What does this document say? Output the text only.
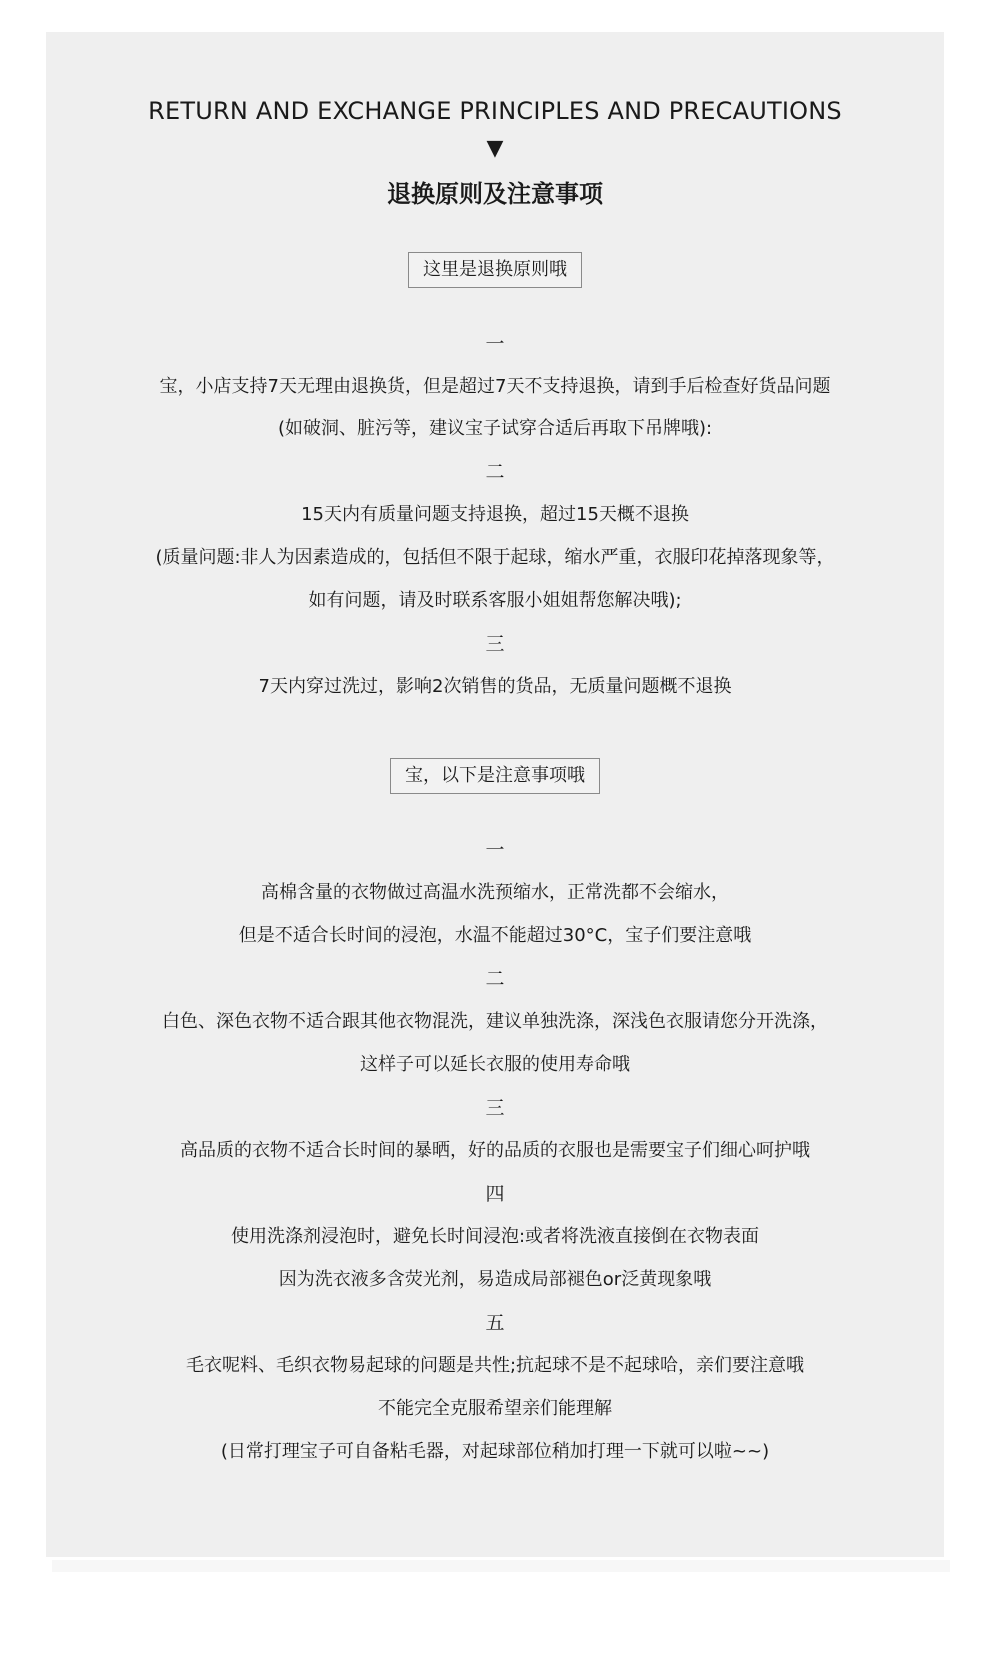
RETURN AND EXCHANGE PRINCIPLES AND PRECAUTIONS
▼
退换原则及注意事项
这里是退换原则哦
一
宝，小店支持7天无理由退换货，但是超过7天不支持退换，请到手后检查好货品问题
(如破洞、脏污等，建议宝子试穿合适后再取下吊牌哦):
二
15天内有质量问题支持退换，超过15天概不退换
(质量问题:非人为因素造成的，包括但不限于起球，缩水严重，衣服印花掉落现象等，
如有问题，请及时联系客服小姐姐帮您解决哦);
三
7天内穿过洗过，影响2次销售的货品，无质量问题概不退换
宝，以下是注意事项哦
一
高棉含量的衣物做过高温水洗预缩水，正常洗都不会缩水，
但是不适合长时间的浸泡，水温不能超过30°C，宝子们要注意哦
二
白色、深色衣物不适合跟其他衣物混洗，建议单独洗涤，深浅色衣服请您分开洗涤，
这样子可以延长衣服的使用寿命哦
三
高品质的衣物不适合长时间的暴晒，好的品质的衣服也是需要宝子们细心呵护哦
四
使用洗涤剂浸泡时，避免长时间浸泡:或者将洗液直接倒在衣物表面
因为洗衣液多含荧光剂，易造成局部褪色or泛黄现象哦
五
毛衣呢料、毛织衣物易起球的问题是共性;抗起球不是不起球哈，亲们要注意哦
不能完全克服希望亲们能理解
(日常打理宝子可自备粘毛器，对起球部位稍加打理一下就可以啦~~)
